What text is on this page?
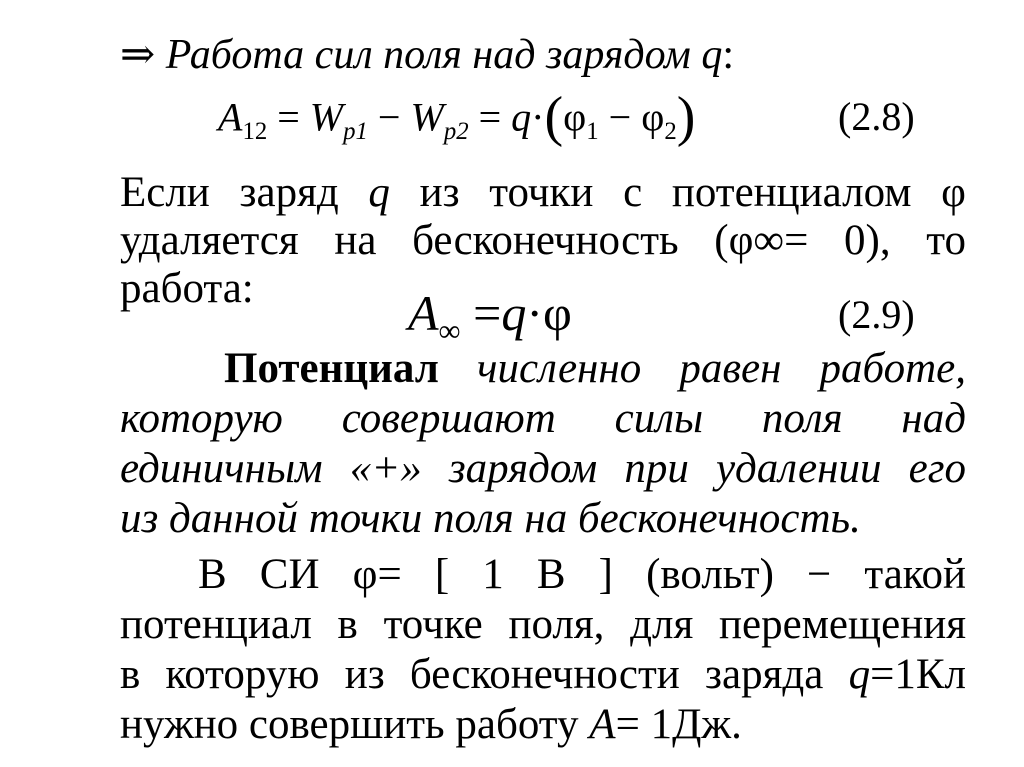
⇒ Работа сил поля над зарядом q:
$A_{12} = W_{p1} - W_{p2} = q\cdot(\varphi_1 - \varphi_2)$	(2.8)
Если заряд q из точки с потенциалом φ
удаляется на бесконечность (φ∞= 0), то
работа:	$A_\infty =q\cdot\varphi$	(2.9)
Потенциал численно равен работе,
которую совершают силы поля над
единичным «+» зарядом при удалении его
из данной точки поля на бесконечность.
В СИ φ= [ 1 В ] (вольт) − такой
потенциал в точке поля, для перемещения
в которую из бесконечности заряда q=1Кл
нужно совершить работу A= 1Дж.
